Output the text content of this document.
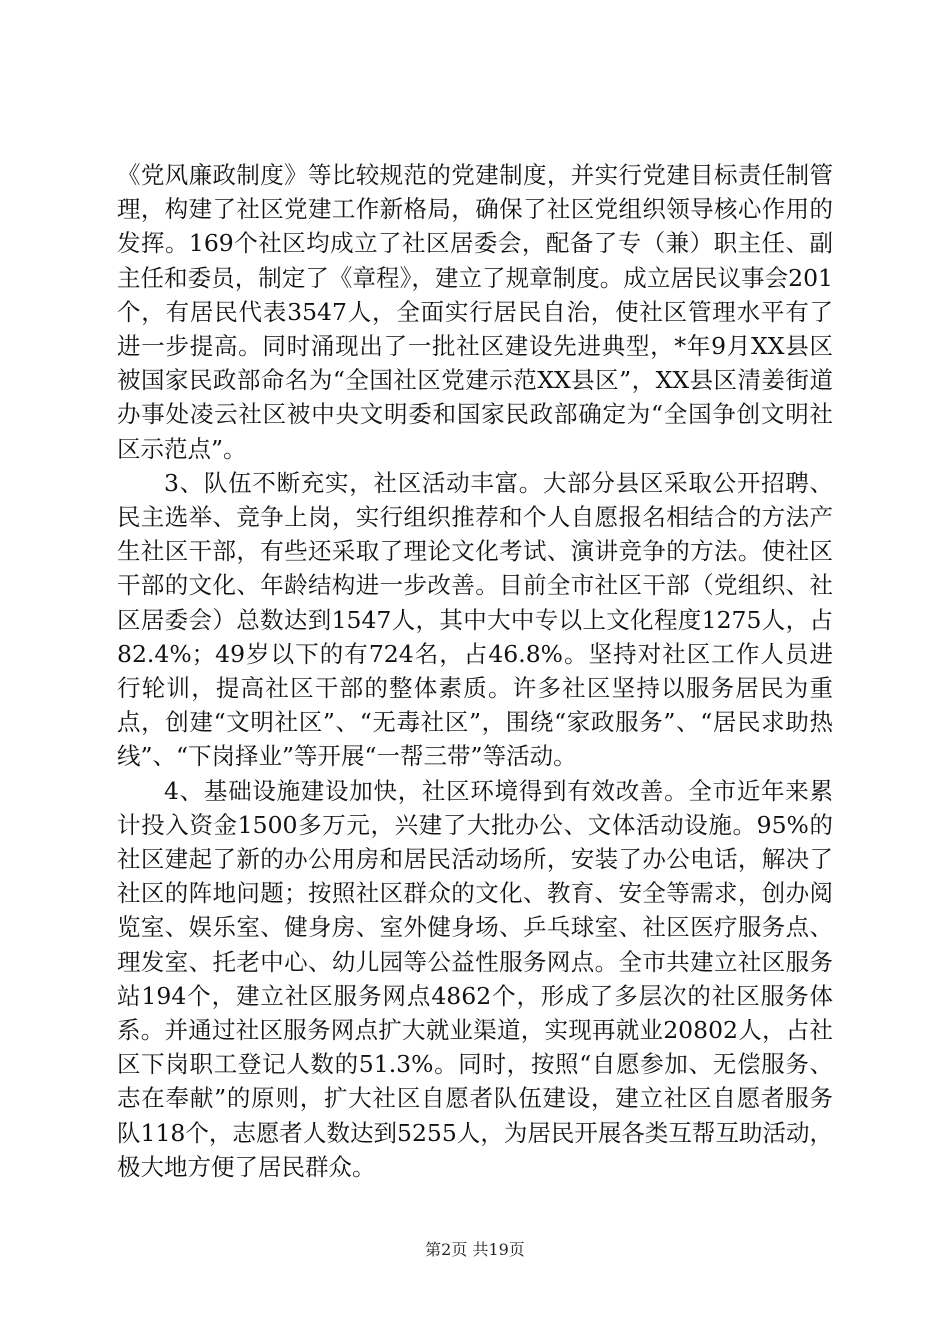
《党风廉政制度》等比较规范的党建制度，并实行党建目标责任制管理，构建了社区党建工作新格局，确保了社区党组织领导核心作用的发挥。169个社区均成立了社区居委会，配备了专（兼）职主任、副主任和委员，制定了《章程》，建立了规章制度。成立居民议事会201个，有居民代表3547人，全面实行居民自治，使社区管理水平有了进一步提高。同时涌现出了一批社区建设先进典型，*年9月XX县区被国家民政部命名为“全国社区党建示范XX县区”，XX县区清姜街道办事处凌云社区被中央文明委和国家民政部确定为“全国争创文明社区示范点”。

3、队伍不断充实，社区活动丰富。大部分县区采取公开招聘、民主选举、竞争上岗，实行组织推荐和个人自愿报名相结合的方法产生社区干部，有些还采取了理论文化考试、演讲竞争的方法。使社区干部的文化、年龄结构进一步改善。目前全市社区干部（党组织、社区居委会）总数达到1547人，其中大中专以上文化程度1275人，占82.4%；49岁以下的有724名，占46.8%。坚持对社区工作人员进行轮训，提高社区干部的整体素质。许多社区坚持以服务居民为重点，创建“文明社区”、“无毒社区”，围绕“家政服务”、“居民求助热线”、“下岗择业”等开展“一帮三带”等活动。

4、基础设施建设加快，社区环境得到有效改善。全市近年来累计投入资金1500多万元，兴建了大批办公、文体活动设施。95%的社区建起了新的办公用房和居民活动场所，安装了办公电话，解决了社区的阵地问题；按照社区群众的文化、教育、安全等需求，创办阅览室、娱乐室、健身房、室外健身场、乒乓球室、社区医疗服务点、理发室、托老中心、幼儿园等公益性服务网点。全市共建立社区服务站194个，建立社区服务网点4862个，形成了多层次的社区服务体系。并通过社区服务网点扩大就业渠道，实现再就业20802人，占社区下岗职工登记人数的51.3%。同时，按照“自愿参加、无偿服务、志在奉献”的原则，扩大社区自愿者队伍建设，建立社区自愿者服务队118个，志愿者人数达到5255人，为居民开展各类互帮互助活动，极大地方便了居民群众。

第2页 共19页
